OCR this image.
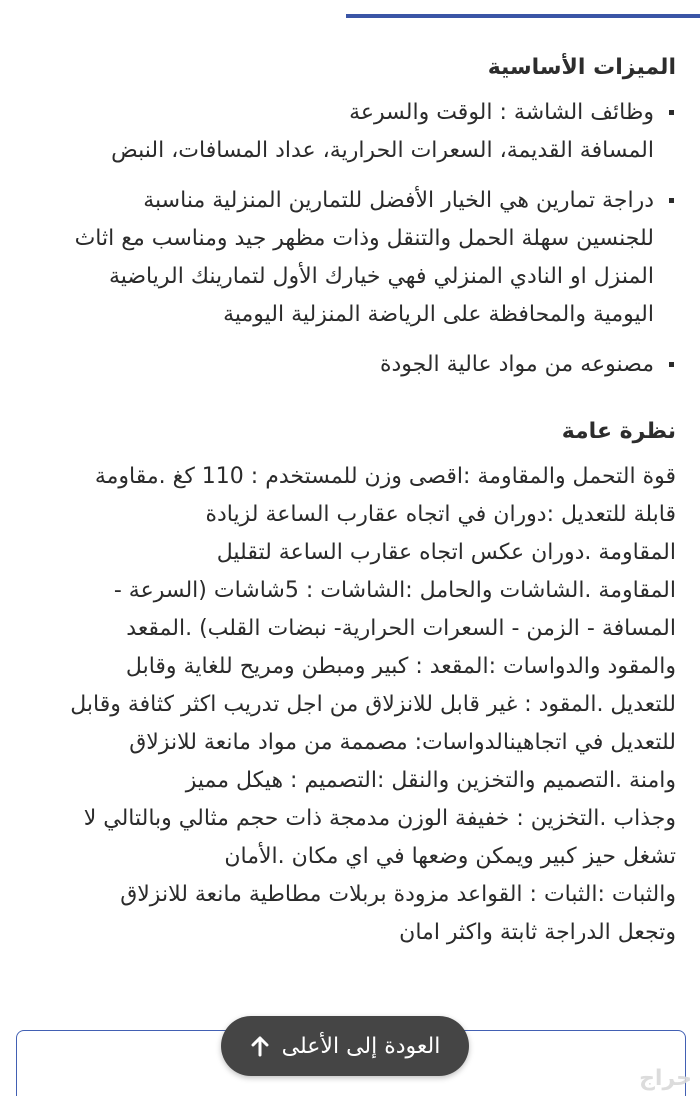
الميزات الأساسية
وظائف الشاشة : الوقت والسرعة
المسافة القديمة، السعرات الحرارية، عداد المسافات، النبض
دراجة تمارين هي الخيار الأفضل للتمارين المنزلية مناسبة
للجنسين سهلة الحمل والتنقل وذات مظهر جيد ومناسب مع اثاث
المنزل او النادي المنزلي فهي خيارك الأول لتمارينك الرياضية
اليومية والمحافظة على الرياضة المنزلية اليومية
مصنوعه من مواد عالية الجودة
نظرة عامة
قوة التحمل والمقاومة :اقصى وزن للمستخدم : 110 كغ .مقاومة
قابلة للتعديل :دوران في اتجاه عقارب الساعة لزيادة
المقاومة .دوران عكس اتجاه عقارب الساعة لتقليل
المقاومة .الشاشات والحامل :الشاشات : 5شاشات (السرعة -
المسافة - الزمن - السعرات الحرارية- نبضات القلب) .المقعد
والمقود والدواسات :المقعد : كبير ومبطن ومريح للغاية وقابل
للتعديل .المقود : غير قابل للانزلاق من اجل تدريب اكثر كثافة وقابل
للتعديل في اتجاهينالدواسات: مصممة من مواد مانعة للانزلاق
وامنة .التصميم والتخزين والنقل :التصميم : هيكل مميز
وجذاب .التخزين : خفيفة الوزن مدمجة ذات حجم مثالي وبالتالي لا
تشغل حيز كبير ويمكن وضعها في اي مكان .الأمان
والثبات :الثبات : القواعد مزودة بربلات مطاطية مانعة للانزلاق
وتجعل الدراجة ثابتة واكثر امان
العودة إلى الأعلى
حراج
